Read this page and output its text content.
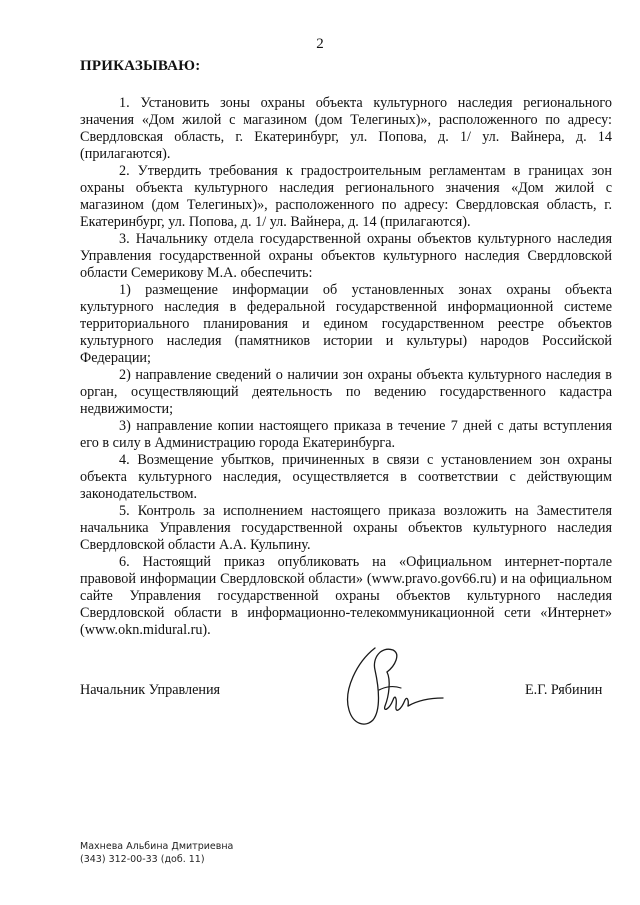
2
ПРИКАЗЫВАЮ:

1. Установить зоны охраны объекта культурного наследия регионального значения «Дом жилой с магазином (дом Телегиных)», расположенного по адресу: Свердловская область, г. Екатеринбург, ул. Попова, д. 1/ ул. Вайнера, д. 14 (прилагаются).

2. Утвердить требования к градостроительным регламентам в границах зон охраны объекта культурного наследия регионального значения «Дом жилой с магазином (дом Телегиных)», расположенного по адресу: Свердловская область, г. Екатеринбург, ул. Попова, д. 1/ ул. Вайнера, д. 14 (прилагаются).

3. Начальнику отдела государственной охраны объектов культурного наследия Управления государственной охраны объектов культурного наследия Свердловской области Семерикову М.А. обеспечить:

1) размещение информации об установленных зонах охраны объекта культурного наследия в федеральной государственной информационной системе территориального планирования и едином государственном реестре объектов культурного наследия (памятников истории и культуры) народов Российской Федерации;

2) направление сведений о наличии зон охраны объекта культурного наследия в орган, осуществляющий деятельность по ведению государственного кадастра недвижимости;

3) направление копии настоящего приказа в течение 7 дней с даты вступления его в силу в Администрацию города Екатеринбурга.

4. Возмещение убытков, причиненных в связи с установлением зон охраны объекта культурного наследия, осуществляется в соответствии с действующим законодательством.

5. Контроль за исполнением настоящего приказа возложить на Заместителя начальника Управления государственной охраны объектов культурного наследия Свердловской области А.А. Кульпину.

6. Настоящий приказ опубликовать на «Официальном интернет-портале правовой информации Свердловской области» (www.pravo.gov66.ru) и на официальном сайте Управления государственной охраны объектов культурного наследия Свердловской области в информационно-телекоммуникационной сети «Интернет» (www.okn.midural.ru).

Начальник Управления	Е.Г. Рябинин
Махнева Альбина Дмитриевна
(343) 312-00-33 (доб. 11)
